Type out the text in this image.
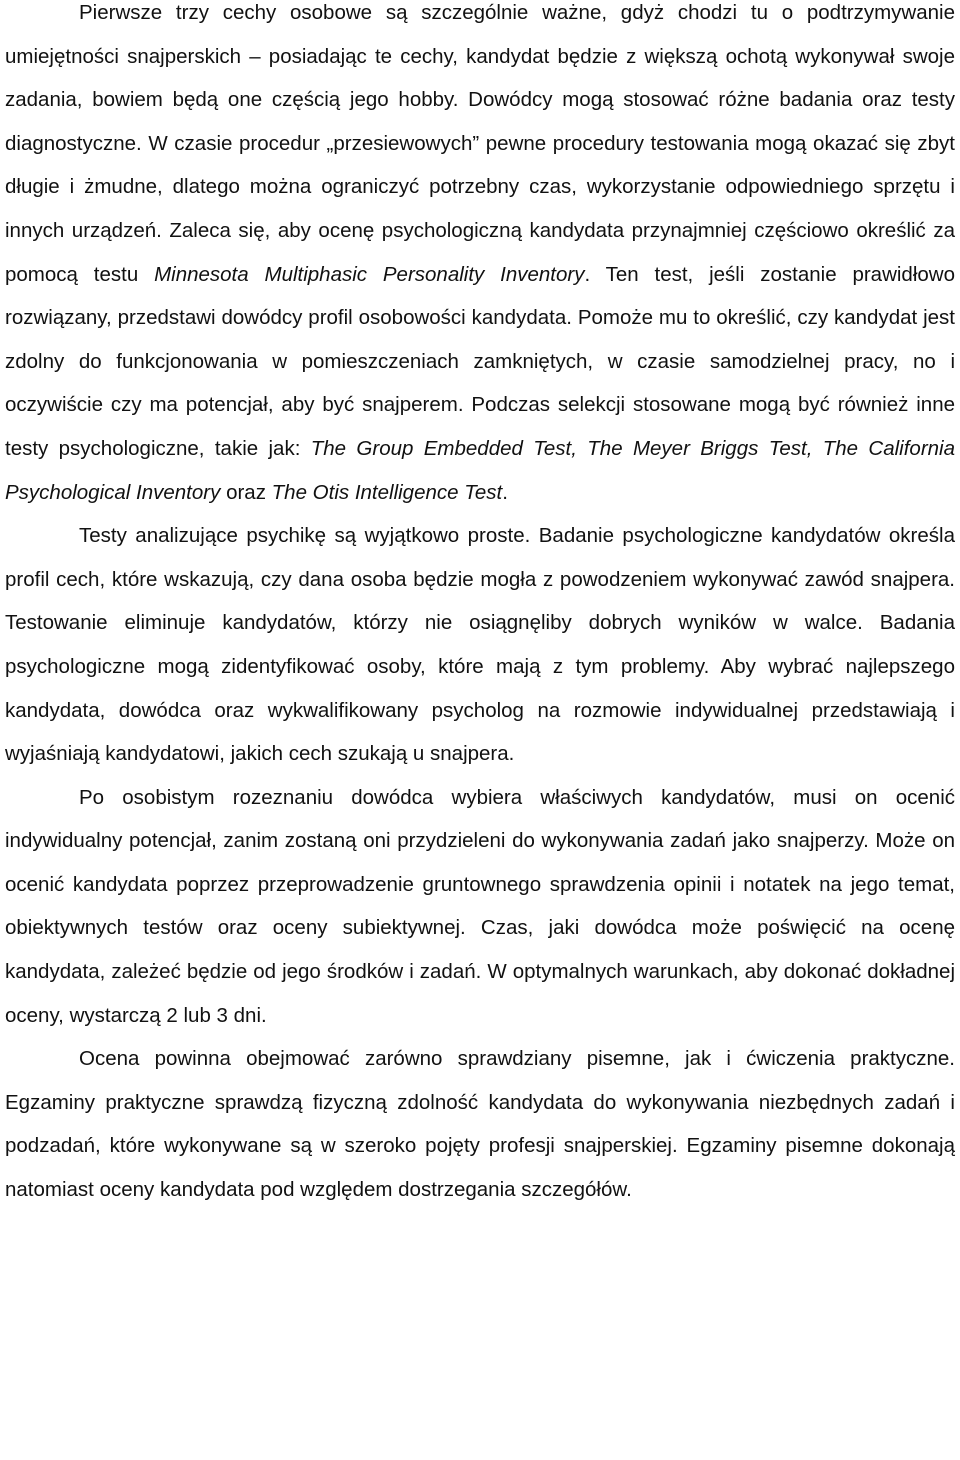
Pierwsze trzy cechy osobowe są szczególnie ważne, gdyż chodzi tu o podtrzymywanie umiejętności snajperskich – posiadając te cechy, kandydat będzie z większą ochotą wykonywał swoje zadania, bowiem będą one częścią jego hobby. Dowódcy mogą stosować różne badania oraz testy diagnostyczne. W czasie procedur „przesiewowych” pewne procedury testowania mogą okazać się zbyt długie i żmudne, dlatego można ograniczyć potrzebny czas, wykorzystanie odpowiedniego sprzętu i innych urządzeń. Zaleca się, aby ocenę psychologiczną kandydata przynajmniej częściowo określić za pomocą testu Minnesota Multiphasic Personality Inventory. Ten test, jeśli zostanie prawidłowo rozwiązany, przedstawi dowódcy profil osobowości kandydata. Pomoże mu to określić, czy kandydat jest zdolny do funkcjonowania w pomieszczeniach zamkniętych, w czasie samodzielnej pracy, no i oczywiście czy ma potencjał, aby być snajperem. Podczas selekcji stosowane mogą być również inne testy psychologiczne, takie jak: The Group Embedded Test, The Meyer Briggs Test, The California Psychological Inventory oraz The Otis Intelligence Test.

Testy analizujące psychikę są wyjątkowo proste. Badanie psychologiczne kandydatów określa profil cech, które wskazują, czy dana osoba będzie mogła z powodzeniem wykonywać zawód snajpera. Testowanie eliminuje kandydatów, którzy nie osiągnęliby dobrych wyników w walce. Badania psychologiczne mogą zidentyfikować osoby, które mają z tym problemy. Aby wybrać najlepszego kandydata, dowódca oraz wykwalifikowany psycholog na rozmowie indywidualnej przedstawiają i wyjaśniają kandydatowi, jakich cech szukają u snajpera.

Po osobistym rozeznaniu dowódca wybiera właściwych kandydatów, musi on ocenić indywidualny potencjał, zanim zostaną oni przydzieleni do wykonywania zadań jako snajperzy. Może on ocenić kandydata poprzez przeprowadzenie gruntownego sprawdzenia opinii i notatek na jego temat, obiektywnych testów oraz oceny subiektywnej. Czas, jaki dowódca może poświęcić na ocenę kandydata, zależeć będzie od jego środków i zadań. W optymalnych warunkach, aby dokonać dokładnej oceny, wystarczą 2 lub 3 dni.

Ocena powinna obejmować zarówno sprawdziany pisemne, jak i ćwiczenia praktyczne. Egzaminy praktyczne sprawdzą fizyczną zdolność kandydata do wykonywania niezbędnych zadań i podzadań, które wykonywane są w szeroko pojęty profesji snajperskiej. Egzaminy pisemne dokonają natomiast oceny kandydata pod względem dostrzegania szczegółów.
